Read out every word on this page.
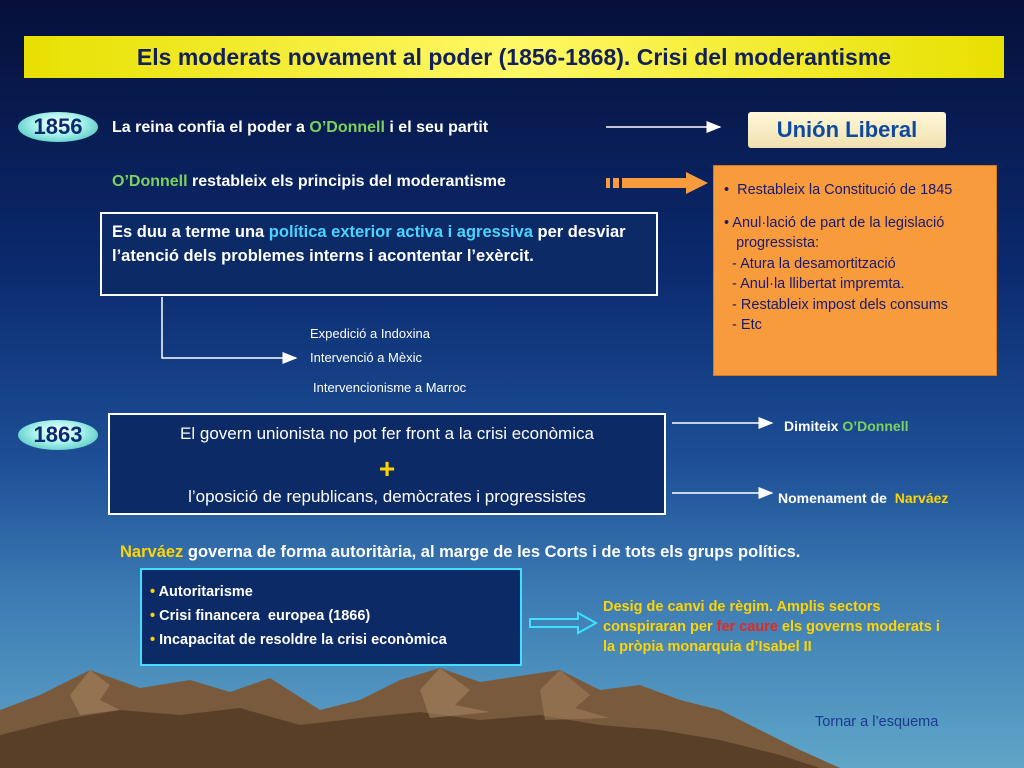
Els moderats novament al poder (1856-1868). Crisi del moderantisme
1856	La reina confia el poder a O’Donnell i el seu partit	Unión Liberal
O’Donnell restableix els principis del moderantisme
Es duu a terme una política exterior activa i agressiva per desviar l’atenció dels problemes interns i acontentar l’exèrcit.
Expedició a Indoxina
Intervenció a Mèxic
Intervencionisme a Marroc
•  Restableix la Constitució de 1845
• Anul·lació de part de la legislació
progressista:
- Atura la desamortització
- Anul·la llibertat impremta.
- Restableix impost dels consums
- Etc
1863	El govern unionista no pot fer front a la crisi econòmica
+
l’oposició de republicans, demòcrates i progressistes
Dimiteix O’Donnell
Nomenament de  Narváez
Narváez governa de forma autoritària, al marge de les Corts i de tots els grups polítics.
• Autoritarisme
• Crisi financera  europea (1866)
• Incapacitat de resoldre la crisi econòmica
Desig de canvi de règim. Amplis sectors conspiraran per fer caure els governs moderats i la pròpia monarquia d’Isabel II
Tornar a l’esquema
